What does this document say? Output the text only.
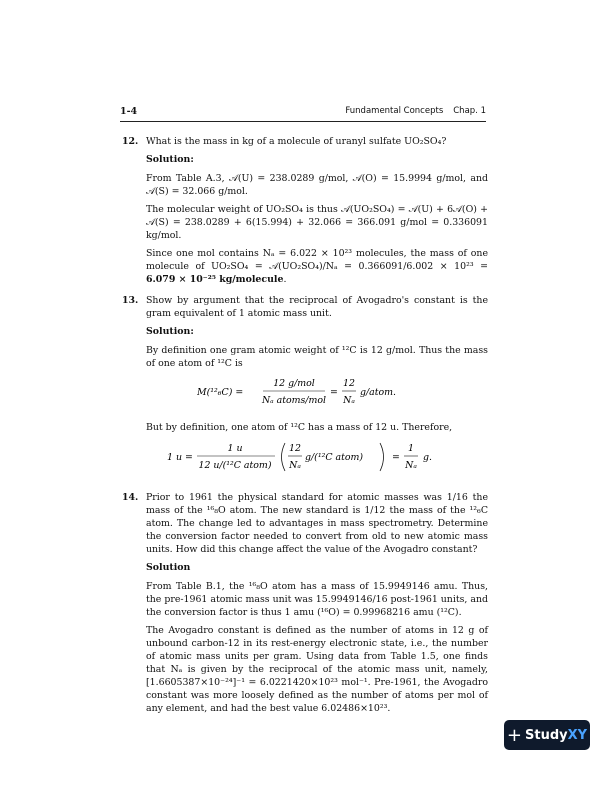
1-4	Fundamental Concepts Chap. 1
12. What is the mass in kg of a molecule of uranyl sulfate UO₂SO₄?

Solution:

From Table A.3, 𝒜(U) = 238.0289 g/mol, 𝒜(O) = 15.9994 g/mol, and 𝒜(S) = 32.066 g/mol.

The molecular weight of UO₂SO₄ is thus 𝒜(UO₂SO₄) = 𝒜(U) + 6𝒜(O) + 𝒜(S) = 238.0289 + 6(15.994) + 32.066 = 366.091 g/mol = 0.336091 kg/mol.

Since one mol contains Nₐ = 6.022 × 10²³ molecules, the mass of one molecule of UO₂SO₄ = 𝒜(UO₂SO₄)/Nₐ = 0.366091/6.002 × 10²³ = 6.079 × 10⁻²⁵ kg/molecule.

13. Show by argument that the reciprocal of Avogadro's constant is the gram equivalent of 1 atomic mass unit.

Solution:

By definition one gram atomic weight of ¹²C is 12 g/mol. Thus the mass of one atom of ¹²C is

M(¹²₆C) =
12 g/mol
Nₐ atoms/mol
=
12
Nₐ
g/atom.

But by definition, one atom of ¹²C has a mass of 12 u. Therefore,

1 u =
1 u
12 u/(¹²C atom)
12
Nₐ
g/(¹²C atom)	=
1
Nₐ
g.
14. Prior to 1961 the physical standard for atomic masses was 1/16 the mass of the ¹⁶₈O atom. The new standard is 1/12 the mass of the ¹²₆C atom. The change led to advantages in mass spectrometry. Determine the conversion factor needed to convert from old to new atomic mass units. How did this change affect the value of the Avogadro constant?

Solution

From Table B.1, the ¹⁶₈O atom has a mass of 15.9949146 amu. Thus, the pre-1961 atomic mass unit was 15.9949146/16 post-1961 units, and the conversion factor is thus 1 amu (¹⁶O) = 0.99968216 amu (¹²C).

The Avogadro constant is defined as the number of atoms in 12 g of unbound carbon-12 in its rest-energy electronic state, i.e., the number of atomic mass units per gram. Using data from Table 1.5, one finds that Nₐ is given by the reciprocal of the atomic mass unit, namely, [1.6605387×10⁻²⁴]⁻¹ = 6.0221420×10²³ mol⁻¹. Pre-1961, the Avogadro constant was more loosely defined as the number of atoms per mol of any element, and had the best value 6.02486×10²³.

+ Study XY
